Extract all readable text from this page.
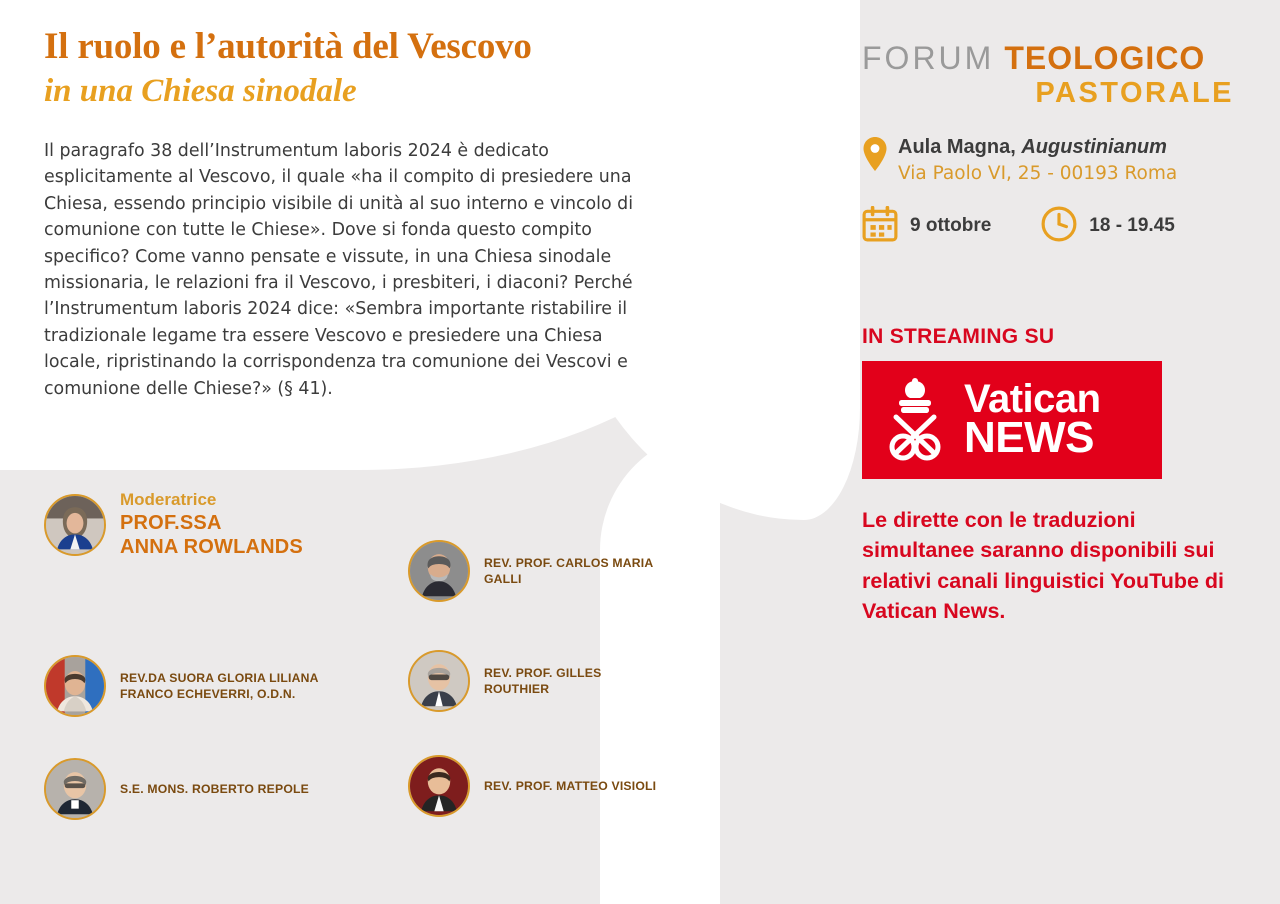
Il ruolo e l’autorità del Vescovo
in una Chiesa sinodale

Il paragrafo 38 dell’Instrumentum laboris 2024 è dedicato esplicitamente al Vescovo, il quale «ha il compito di presiedere una Chiesa, essendo principio visibile di unità al suo interno e vincolo di comunione con tutte le Chiese». Dove si fonda questo compito specifico? Come vanno pensate e vissute, in una Chiesa sinodale missionaria, le relazioni fra il Vescovo, i presbiteri, i diaconi? Perché l’Instrumentum laboris 2024 dice: «Sembra importante ristabilire il tradizionale legame tra essere Vescovo e presiedere una Chiesa locale, ripristinando la corrispondenza tra comunione dei Vescovi e comunione delle Chiese?» (§ 41).

Moderatrice
PROF.SSA
ANNA ROWLANDS
REV. PROF. CARLOS MARIA GALLI
REV.DA SUORA GLORIA LILIANA
FRANCO ECHEVERRI, O.D.N.
REV. PROF. GILLES ROUTHIER
S.E. MONS. ROBERTO REPOLE	REV. PROF. MATTEO VISIOLI
FORUM TEOLOGICO
PASTORALE
Aula Magna, Augustinianum
Via Paolo VI, 25 - 00193 Roma
9 ottobre	18 - 19.45
IN STREAMING SU
Vatican
NEWS
Le dirette con le traduzioni simultanee saranno disponibili sui relativi canali linguistici YouTube di Vatican News.
